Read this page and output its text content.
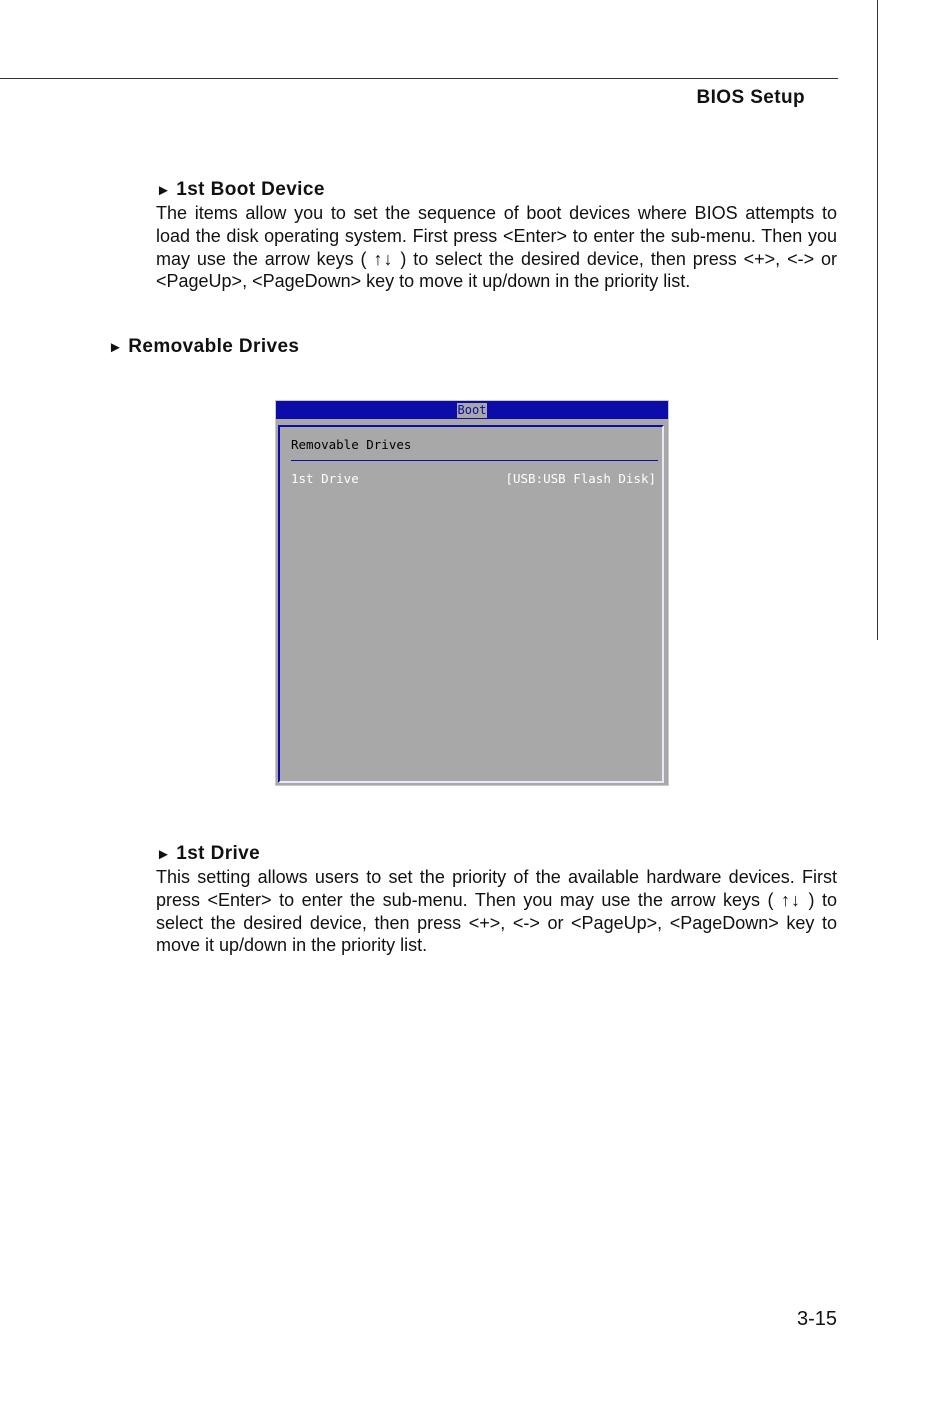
BIOS Setup
► 1st Boot Device
The items allow you to set the sequence of boot devices where BIOS attempts to load the disk operating system. First press <Enter> to enter the sub-menu. Then you may use the arrow keys ( ↑↓ ) to select the desired device, then press <+>, <-> or <PageUp>, <PageDown> key to move it up/down in the priority list.
► Removable Drives
Boot
Removable Drives
1st Drive	[USB:USB Flash Disk]
► 1st Drive
This setting allows users to set the priority of the available hardware devices. First press <Enter> to enter the sub-menu. Then you may use the arrow keys ( ↑↓ ) to select the desired device, then press <+>, <-> or <PageUp>, <PageDown> key to move it up/down in the priority list.
3-15
